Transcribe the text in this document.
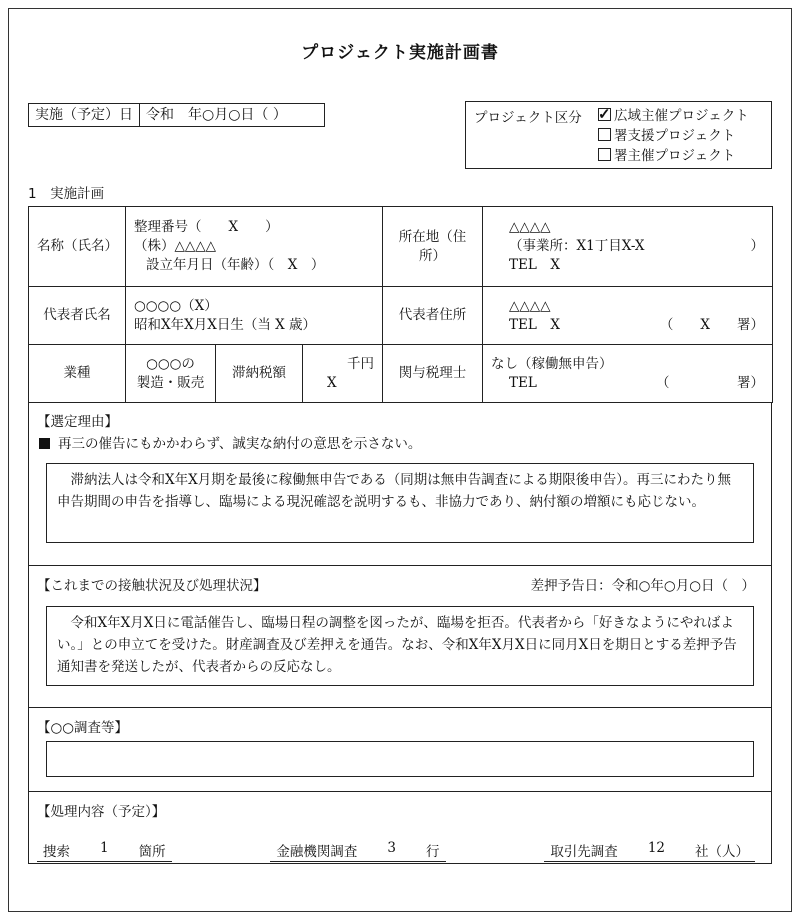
プロジェクト実施計画書
実施（予定）日 令和　年○月○日（ ）	プロジェクト区分
✓	広域主催プロジェクト
署支援プロジェクト
署主催プロジェクト
1　実施計画
名称（氏名）	
整理番号（　　X　　）
（株）△△△△
設立年月日（年齢）（　X　）
	所在地（住所）	
△△△△
（事業所：X1丁目X-X	）
TEL　X

代表者氏名	
○○○○（X）
昭和X年X月X日生（当 X 歳）
	代表者住所	
△△△△
TEL　X	（　　X　　署）

業種	
○○○の
製造・販売
	滞納税額	
千円
X
	関与税理士	
なし（稼働無申告）
TEL	（　　　　　署）
【選定理由】
再三の催告にもかかわらず、誠実な納付の意思を示さない。
滞納法人は令和X年X月期を最後に稼働無申告である（同期は無申告調査による期限後申告）。再三にわたり無申告期間の申告を指導し、臨場による現況確認を説明するも、非協力であり、納付額の増額にも応じない。
【これまでの接触状況及び処理状況】	差押予告日：令和○年○月○日（　）
令和X年X月X日に電話催告し、臨場日程の調整を図ったが、臨場を拒否。代表者から「好きなようにやればよい。」との申立てを受けた。財産調査及び差押えを通告。なお、令和X年X月X日に同月X日を期日とする差押予告通知書を発送したが、代表者からの反応なし。
【○○調査等】
【処理内容（予定）】
捜索 1 箇所	金融機関調査 3 行	取引先調査 12 社（人）
